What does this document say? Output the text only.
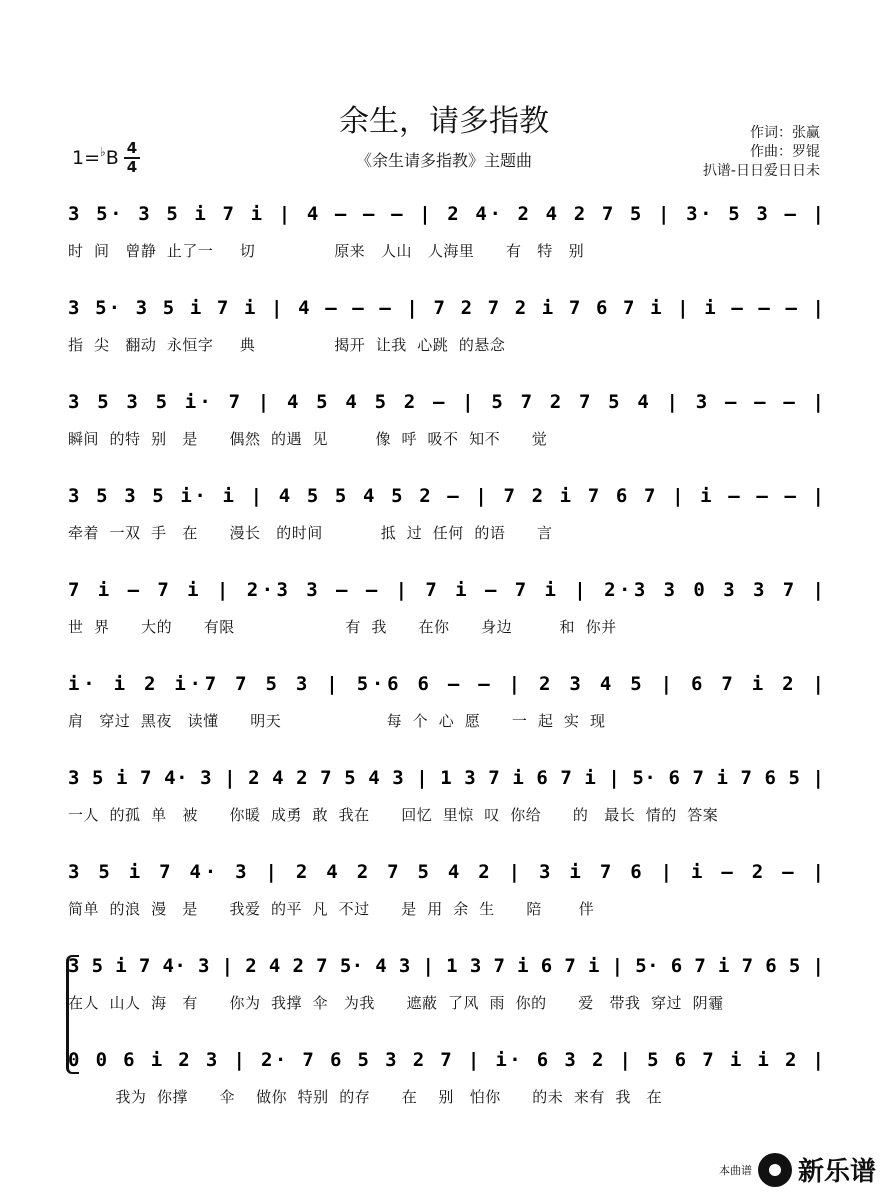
余生，请多指教
《余生请多指教》主题曲
1=♭B 4
4
作词：张赢
作曲：罗锟
扒谱-日日爱日日未
3 5· 3 5 i 7 i | 4 – – – | 2 4· 2 4 2 7 5 | 3· 5 3 – |
时  间   曾静  止了一     切               原来   人山   人海里      有   特   别
3 5· 3 5 i 7 i | 4 – – – | 7 2 7 2 i 7 6 7 i | i – – – |
指  尖   翻动  永恒字     典               揭开  让我  心跳  的悬念
3 5 3 5 i· 7 | 4 5 4 5 2 – | 5 7 2 7 5 4 | 3 – – – |
瞬间  的特  别   是      偶然  的遇  见         像  呼  吸不  知不      觉
3 5 3 5 i· i | 4 5 5 4 5 2 – | 7 2 i 7 6 7 | i – – – |
牵着  一双  手   在      漫长   的时间           抵  过  任何  的语      言
7 i – 7 i | 2·3 3 – – | 7 i – 7 i | 2·3 3 0 3 3 7 |
世  界      大的      有限                     有  我      在你      身边         和  你并
i· i 2 i·7 7 5 3 | 5·6 6 – – | 2 3 4 5 | 6 7 i 2 |
肩   穿过  黑夜   读懂      明天                    每  个  心  愿      一  起  实  现
3 5 i 7 4· 3 | 2 4 2 7 5 4 3 | 1 3 7 i 6 7 i | 5· 6 7 i 7 6 5 |
一人  的孤  单   被      你暖  成勇  敢  我在      回忆  里惊  叹  你给      的   最长  情的  答案
3 5 i 7 4· 3 | 2 4 2 7 5 4 2 | 3 i 7 6 | i – 2 – |
简单  的浪  漫   是      我爱  的平  凡  不过      是  用  余  生      陪       伴
3 5 i 7 4· 3 | 2 4 2 7 5· 4 3 | 1 3 7 i 6 7 i | 5· 6 7 i 7 6 5 |
在人  山人  海   有      你为  我撑  伞   为我      遮蔽  了风  雨  你的      爱   带我  穿过  阴霾
0 0 6 i 2 3 | 2· 7 6 5 3 2 7 | i· 6 3 2 | 5 6 7 i i 2 |
我为  你撑      伞    做你  特别  的存      在    别   怕你      的未  来有  我   在
本曲谱 新乐谱
